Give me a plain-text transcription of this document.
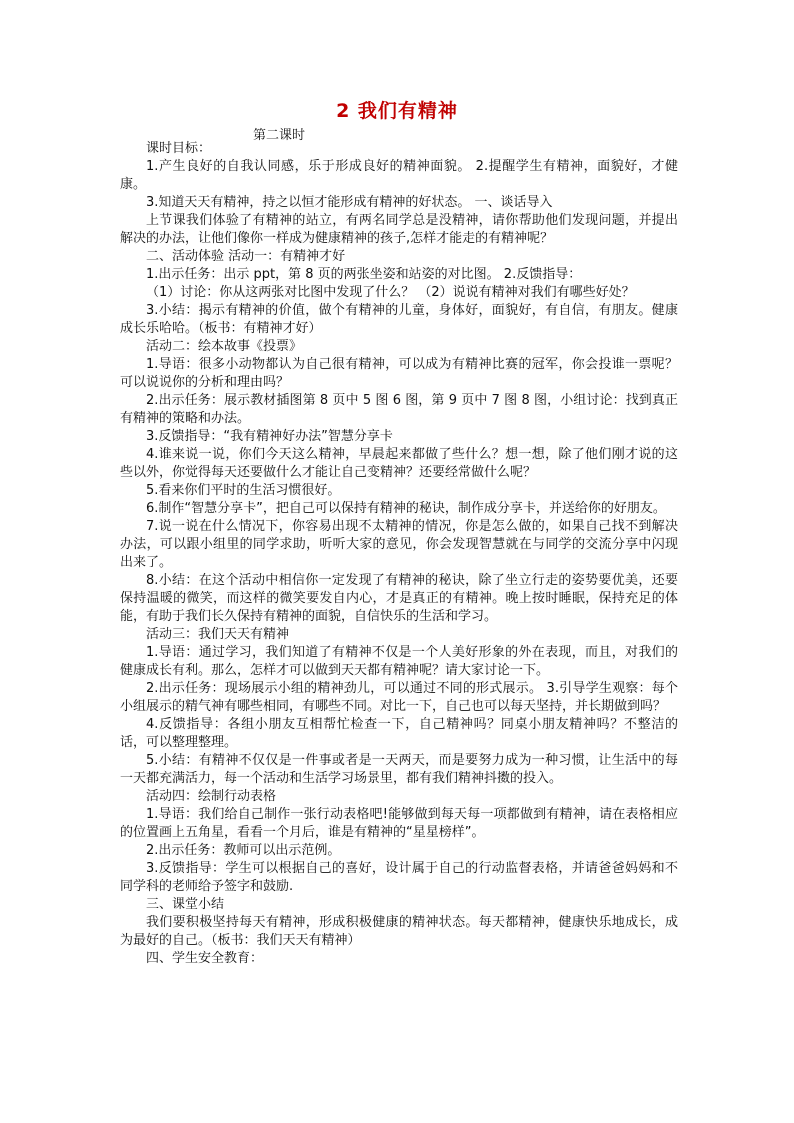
2 我们有精神
第二课时

课时目标：

1.产生良好的自我认同感，乐于形成良好的精神面貌。 2.提醒学生有精神，面貌好，才健康。

3.知道天天有精神，持之以恒才能形成有精神的好状态。 一、谈话导入

上节课我们体验了有精神的站立，有两名同学总是没精神，请你帮助他们发现问题，并提出解决的办法，让他们像你一样成为健康精神的孩子,怎样才能走的有精神呢？

二、活动体验 活动一：有精神才好

1.出示任务：出示 ppt，第 8 页的两张坐姿和站姿的对比图。 2.反馈指导：

（1）讨论：你从这两张对比图中发现了什么？ （2）说说有精神对我们有哪些好处？

3.小结：揭示有精神的价值，做个有精神的儿童，身体好，面貌好，有自信，有朋友。健康成长乐哈哈。（板书：有精神才好）

活动二：绘本故事《投票》

1.导语：很多小动物都认为自己很有精神，可以成为有精神比赛的冠军，你会投谁一票呢？可以说说你的分析和理由吗？

2.出示任务：展示教材插图第 8 页中 5 图 6 图，第 9 页中 7 图 8 图，小组讨论：找到真正有精神的策略和办法。

3.反馈指导：“我有精神好办法”智慧分享卡

4.谁来说一说，你们今天这么精神，早晨起来都做了些什么？想一想，除了他们刚才说的这些以外，你觉得每天还要做什么才能让自己变精神？还要经常做什么呢？

5.看来你们平时的生活习惯很好。

6.制作“智慧分享卡”，把自己可以保持有精神的秘诀，制作成分享卡，并送给你的好朋友。

7.说一说在什么情况下，你容易出现不太精神的情况，你是怎么做的，如果自己找不到解决办法，可以跟小组里的同学求助，听听大家的意见，你会发现智慧就在与同学的交流分享中闪现出来了。

8.小结：在这个活动中相信你一定发现了有精神的秘诀，除了坐立行走的姿势要优美，还要保持温暖的微笑，而这样的微笑要发自内心，才是真正的有精神。晚上按时睡眠，保持充足的体能，有助于我们长久保持有精神的面貌，自信快乐的生活和学习。

活动三：我们天天有精神

1.导语：通过学习，我们知道了有精神不仅是一个人美好形象的外在表现，而且，对我们的健康成长有利。那么，怎样才可以做到天天都有精神呢？请大家讨论一下。

2.出示任务：现场展示小组的精神劲儿，可以通过不同的形式展示。 3.引导学生观察：每个小组展示的精气神有哪些相同，有哪些不同。对比一下，自己也可以每天坚持，并长期做到吗？

4.反馈指导：各组小朋友互相帮忙检查一下，自己精神吗？同桌小朋友精神吗？不整洁的话，可以整理整理。

5.小结：有精神不仅仅是一件事或者是一天两天，而是要努力成为一种习惯，让生活中的每一天都充满活力，每一个活动和生活学习场景里，都有我们精神抖擞的投入。

活动四：绘制行动表格

1.导语：我们给自己制作一张行动表格吧!能够做到每天每一项都做到有精神，请在表格相应的位置画上五角星，看看一个月后，谁是有精神的“星星榜样”。

2.出示任务：教师可以出示范例。

3.反馈指导：学生可以根据自己的喜好，设计属于自己的行动监督表格，并请爸爸妈妈和不同学科的老师给予签字和鼓励.

三、课堂小结

我们要积极坚持每天有精神，形成积极健康的精神状态。每天都精神，健康快乐地成长，成为最好的自己。（板书：我们天天有精神）

四、学生安全教育：
